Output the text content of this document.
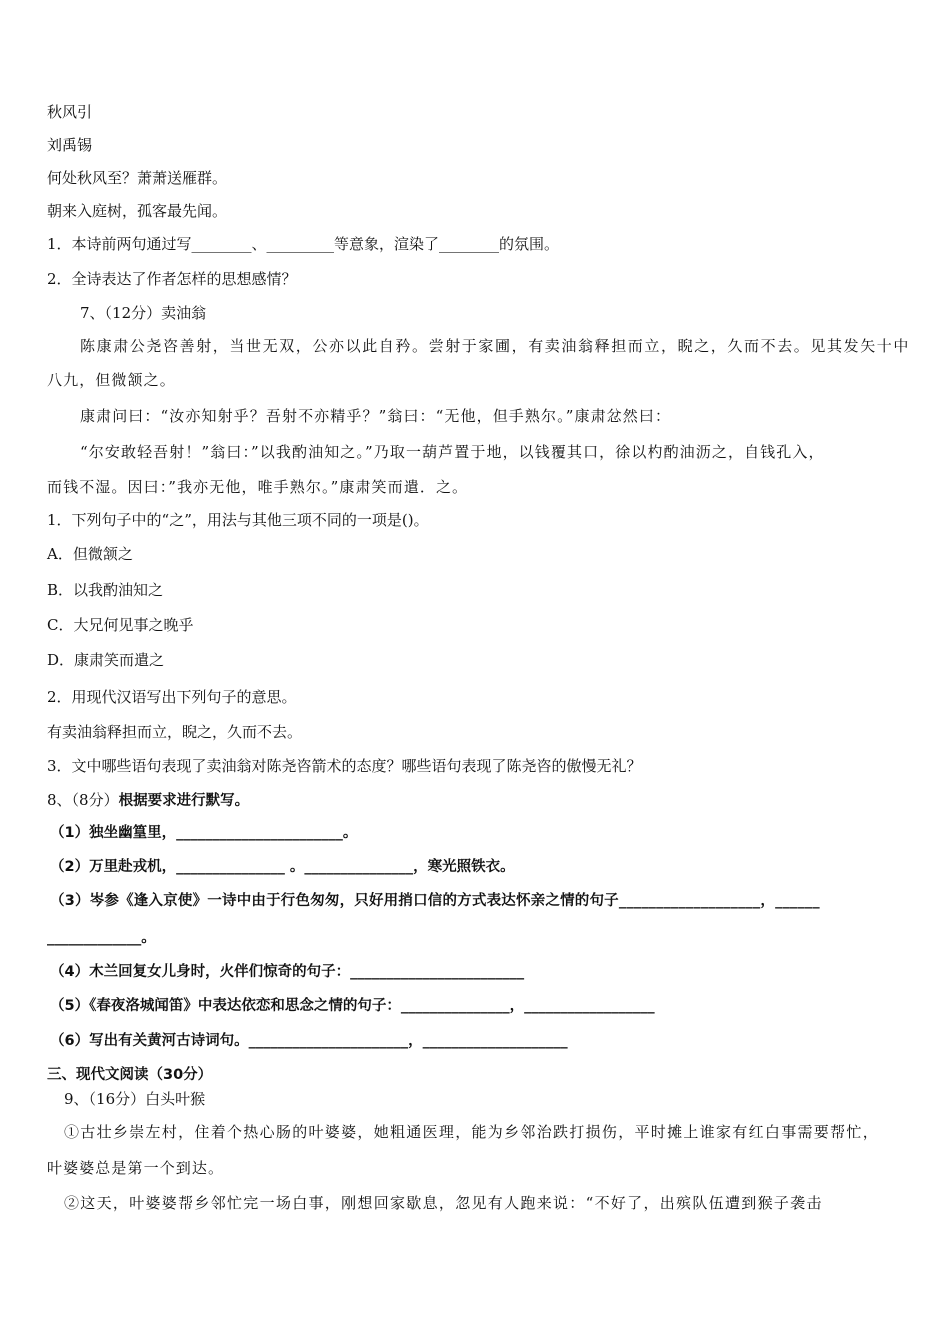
秋风引
刘禹锡
何处秋风至？萧萧送雁群。
朝来入庭树，孤客最先闻。
1．本诗前两句通过写________、_________等意象，渲染了________的氛围。
2．全诗表达了作者怎样的思想感情？
7、（12分）卖油翁
陈康肃公尧咨善射，当世无双，公亦以此自矜。尝射于家圃，有卖油翁释担而立，睨之，久而不去。见其发矢十中
八九，但微颔之。
康肃问曰：“汝亦知射乎？吾射不亦精乎？”翁曰：“无他，但手熟尔。”康肃忿然曰：
“尔安敢轻吾射！”翁曰：”以我酌油知之。”乃取一葫芦置于地，以钱覆其口，徐以杓酌油沥之，自钱孔入，
而钱不湿。因曰：”我亦无他，唯手熟尔。”康肃笑而遣．之。
1．下列句子中的“之”，用法与其他三项不同的一项是()。
A．但微颔之
B．以我酌油知之
C．大兄何见事之晚乎
D．康肃笑而遣之
2．用现代汉语写出下列句子的意思。
有卖油翁释担而立，睨之，久而不去。
3．文中哪些语句表现了卖油翁对陈尧咨箭术的态度？哪些语句表现了陈尧咨的傲慢无礼？
8、（8分）根据要求进行默写。
（1）独坐幽篁里，_______________________。
（2）万里赴戎机，_______________ 。_______________，寒光照铁衣。
（3）岑参《逢入京使》一诗中由于行色匆匆，只好用捎口信的方式表达怀亲之情的句子___________________，______
_____________。
（4）木兰回复女儿身时，火伴们惊奇的句子：________________________
（5）《春夜洛城闻笛》中表达依恋和思念之情的句子：_______________，__________________
（6）写出有关黄河古诗词句。______________________，____________________
三、现代文阅读（30分）
9、（16分）白头叶猴
①古壮乡崇左村，住着个热心肠的叶婆婆，她粗通医理，能为乡邻治跌打损伤，平时摊上谁家有红白事需要帮忙，
叶婆婆总是第一个到达。
②这天，叶婆婆帮乡邻忙完一场白事，刚想回家歇息，忽见有人跑来说：“不好了，出殡队伍遭到猴子袭击
